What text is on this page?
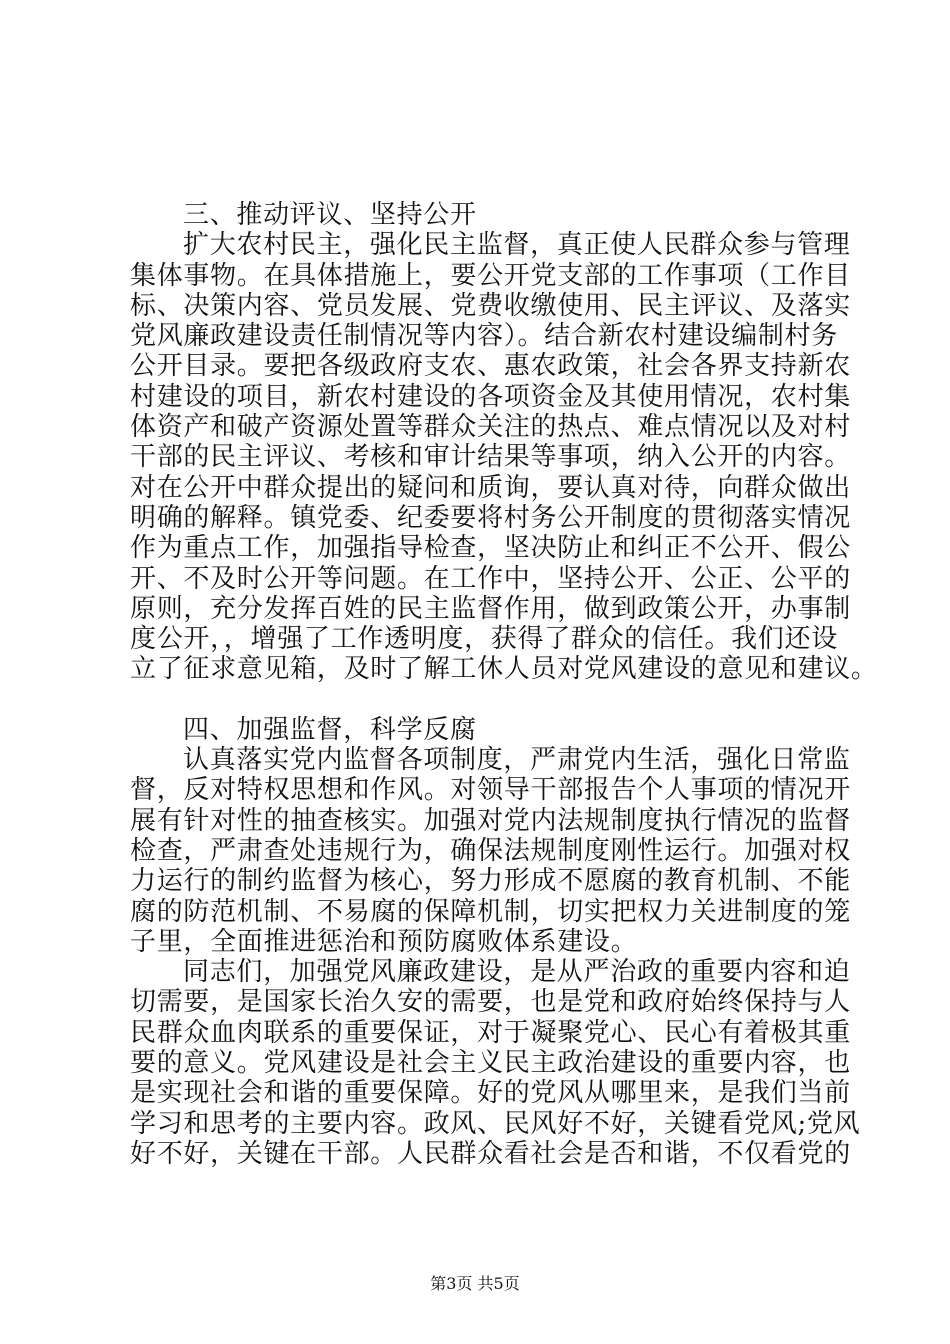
三、推动评议、坚持公开
扩大农村民主，强化民主监督，真正使人民群众参与管理
集体事物。在具体措施上，要公开党支部的工作事项（工作目
标、决策内容、党员发展、党费收缴使用、民主评议、及落实
党风廉政建设责任制情况等内容）。结合新农村建设编制村务
公开目录。要把各级政府支农、惠农政策，社会各界支持新农
村建设的项目，新农村建设的各项资金及其使用情况，农村集
体资产和破产资源处置等群众关注的热点、难点情况以及对村
干部的民主评议、考核和审计结果等事项，纳入公开的内容。
对在公开中群众提出的疑问和质询，要认真对待，向群众做出
明确的解释。镇党委、纪委要将村务公开制度的贯彻落实情况
作为重点工作，加强指导检查，坚决防止和纠正不公开、假公
开、不及时公开等问题。在工作中，坚持公开、公正、公平的
原则，充分发挥百姓的民主监督作用，做到政策公开，办事制
度公开，，增强了工作透明度，获得了群众的信任。我们还设
立了征求意见箱，及时了解工休人员对党风建设的意见和建议。
四、加强监督，科学反腐
认真落实党内监督各项制度，严肃党内生活，强化日常监
督，反对特权思想和作风。对领导干部报告个人事项的情况开
展有针对性的抽查核实。加强对党内法规制度执行情况的监督
检查，严肃查处违规行为，确保法规制度刚性运行。加强对权
力运行的制约监督为核心，努力形成不愿腐的教育机制、不能
腐的防范机制、不易腐的保障机制，切实把权力关进制度的笼
子里，全面推进惩治和预防腐败体系建设。
同志们，加强党风廉政建设，是从严治政的重要内容和迫
切需要，是国家长治久安的需要，也是党和政府始终保持与人
民群众血肉联系的重要保证，对于凝聚党心、民心有着极其重
要的意义。党风建设是社会主义民主政治建设的重要内容，也
是实现社会和谐的重要保障。好的党风从哪里来，是我们当前
学习和思考的主要内容。政风、民风好不好，关键看党风;党风
好不好，关键在干部。人民群众看社会是否和谐，不仅看党的
第3页 共5页
